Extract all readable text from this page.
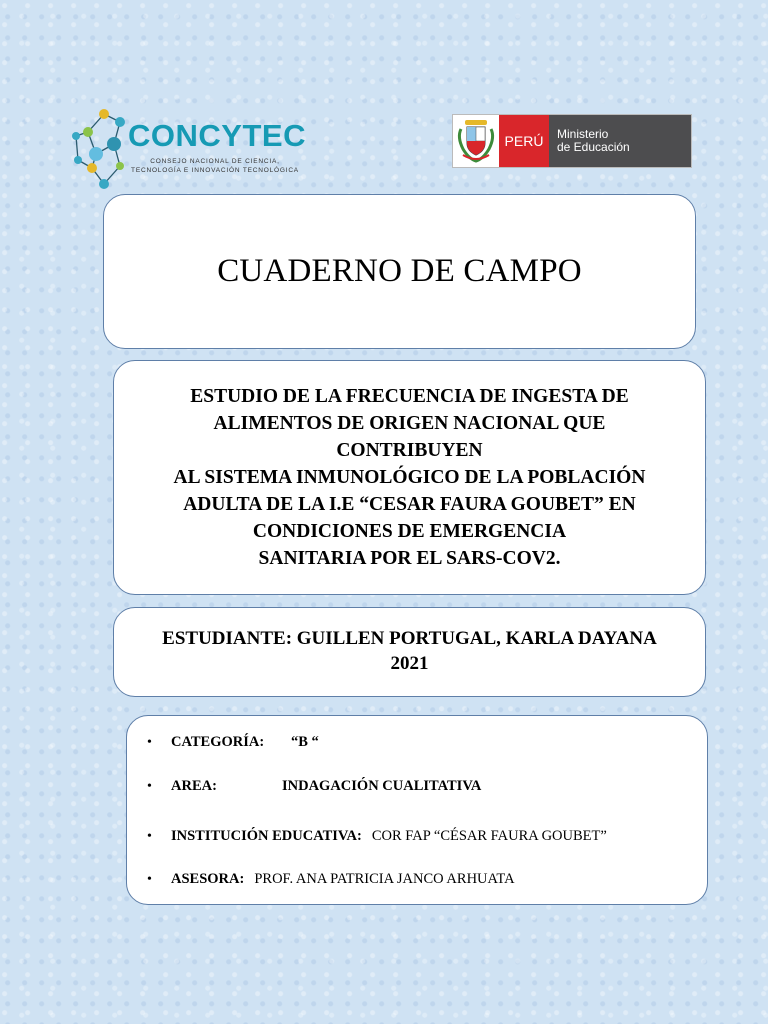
CONCYTEC
CONSEJO NACIONAL DE CIENCIA,
TECNOLOGÍA E INNOVACIÓN TECNOLÓGICA
PERÚ	Ministerio
de Educación
CUADERNO DE CAMPO
ESTUDIO DE LA FRECUENCIA DE INGESTA DE
ALIMENTOS DE ORIGEN NACIONAL QUE
CONTRIBUYEN
AL SISTEMA INMUNOLÓGICO DE LA POBLACIÓN
ADULTA DE LA I.E “CESAR FAURA GOUBET” EN
CONDICIONES DE EMERGENCIA
SANITARIA POR EL SARS-COV2.
ESTUDIANTE: GUILLEN PORTUGAL, KARLA DAYANA
2021
• CATEGORÍA: “B “
• AREA:	INDAGACIÓN CUALITATIVA
• INSTITUCIÓN EDUCATIVA: COR FAP “CÉSAR FAURA GOUBET”
• ASESORA: PROF. ANA PATRICIA JANCO ARHUATA
